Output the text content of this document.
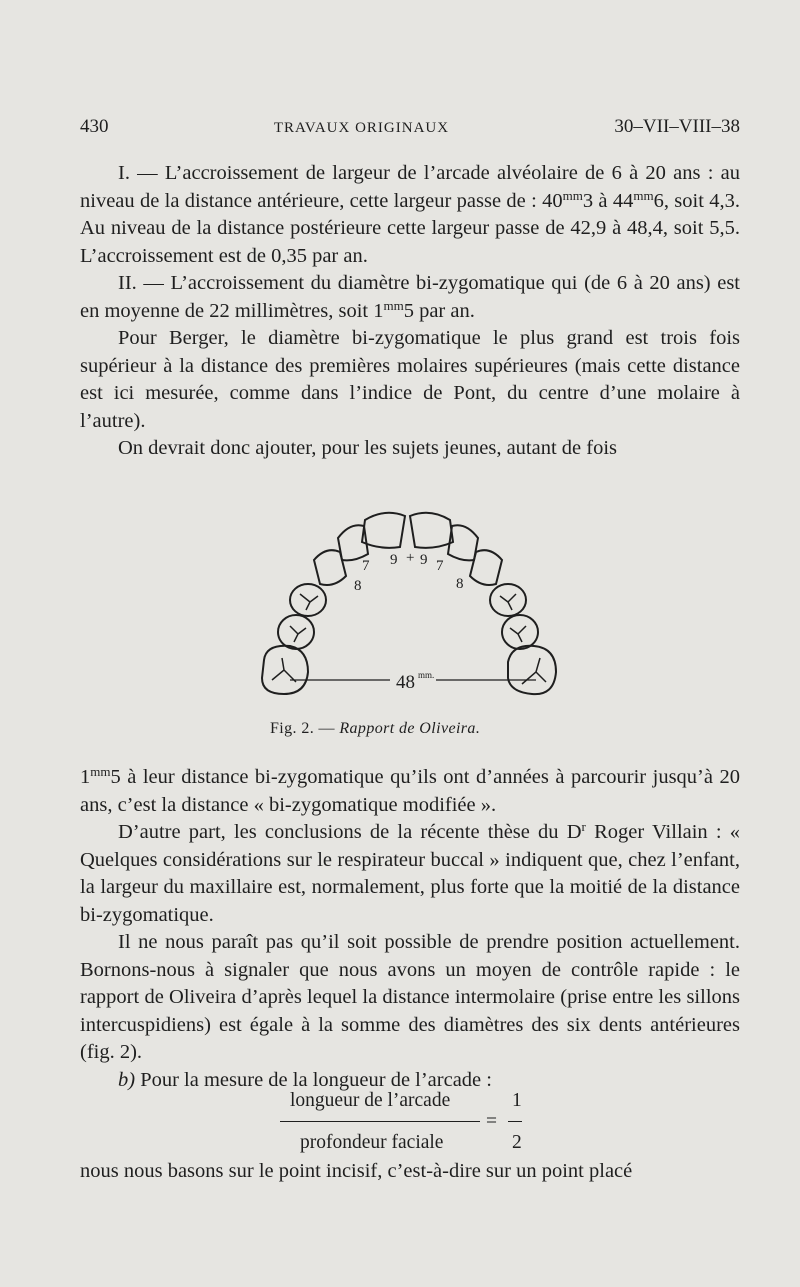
430	TRAVAUX ORIGINAUX	30–VII–VIII–38

I. — L’accroissement de largeur de l’arcade alvéolaire de 6 à 20 ans : au niveau de la distance antérieure, cette largeur passe de : $40^{mm}3$ à $44^{mm}6$, soit 4,3. Au niveau de la distance postérieure cette largeur passe de 42,9 à 48,4, soit 5,5. L’accroissement est de 0,35 par an.

II. — L’accroissement du diamètre bi-zygomatique qui (de 6 à 20 ans) est en moyenne de 22 millimètres, soit $1^{mm}5$ par an.

Pour Berger, le diamètre bi-zygomatique le plus grand est trois fois supérieur à la distance des premières molaires supérieures (mais cette distance est ici mesurée, comme dans l’indice de Pont, du centre d’une molaire à l’autre).

On devrait donc ajouter, pour les sujets jeunes, autant de fois

7 9 + 9 7
8	8
48 mm.
Fig. 2. — Rapport de Oliveira.

$1^{mm}5$ à leur distance bi-zygomatique qu’ils ont d’années à parcourir jusqu’à 20 ans, c’est la distance « bi-zygomatique modifiée ».

D’autre part, les conclusions de la récente thèse du $D^r$ Roger Villain : « Quelques considérations sur le respirateur buccal » indiquent que, chez l’enfant, la largeur du maxillaire est, normalement, plus forte que la moitié de la distance bi-zygomatique.

Il ne nous paraît pas qu’il soit possible de prendre position actuellement. Bornons-nous à signaler que nous avons un moyen de contrôle rapide : le rapport de Oliveira d’après lequel la distance intermolaire (prise entre les sillons intercuspidiens) est égale à la somme des diamètres des six dents antérieures (fig. 2).

b) Pour la mesure de la longueur de l’arcade :

longueur de l’arcade
profondeur faciale
=
1
2

nous nous basons sur le point incisif, c’est-à-dire sur un point placé
